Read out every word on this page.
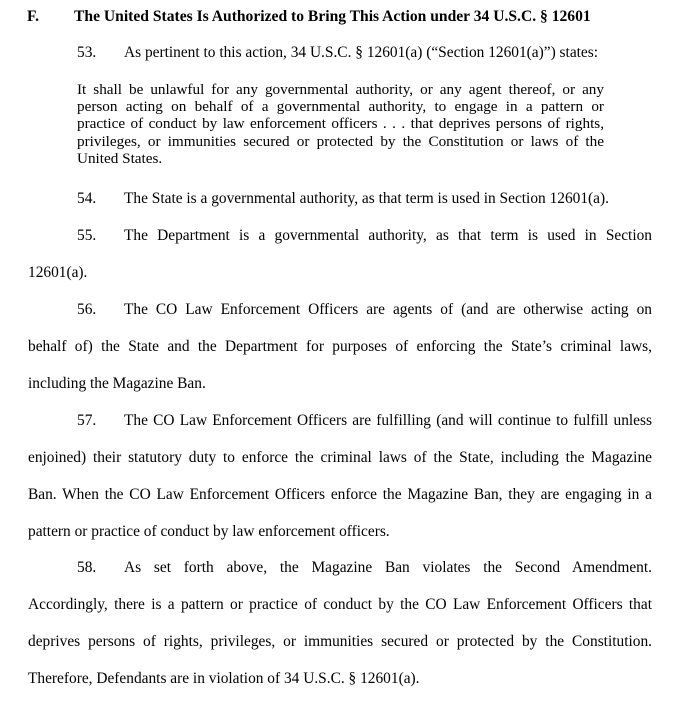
F. The United States Is Authorized to Bring This Action under 34 U.S.C. § 12601
53. As pertinent to this action, 34 U.S.C. § 12601(a) (“Section 12601(a)”) states:
It shall be unlawful for any governmental authority, or any agent thereof, or any
person acting on behalf of a governmental authority, to engage in a pattern or
practice of conduct by law enforcement officers . . . that deprives persons of rights,
privileges, or immunities secured or protected by the Constitution or laws of the
United States.
54. The State is a governmental authority, as that term is used in Section 12601(a).
55. The Department is a governmental authority, as that term is used in Section
12601(a).
56. The CO Law Enforcement Officers are agents of (and are otherwise acting on
behalf of) the State and the Department for purposes of enforcing the State’s criminal laws,
including the Magazine Ban.
57. The CO Law Enforcement Officers are fulfilling (and will continue to fulfill unless
enjoined) their statutory duty to enforce the criminal laws of the State, including the Magazine
Ban. When the CO Law Enforcement Officers enforce the Magazine Ban, they are engaging in a
pattern or practice of conduct by law enforcement officers.
58. As set forth above, the Magazine Ban violates the Second Amendment.
Accordingly, there is a pattern or practice of conduct by the CO Law Enforcement Officers that
deprives persons of rights, privileges, or immunities secured or protected by the Constitution.
Therefore, Defendants are in violation of 34 U.S.C. § 12601(a).
